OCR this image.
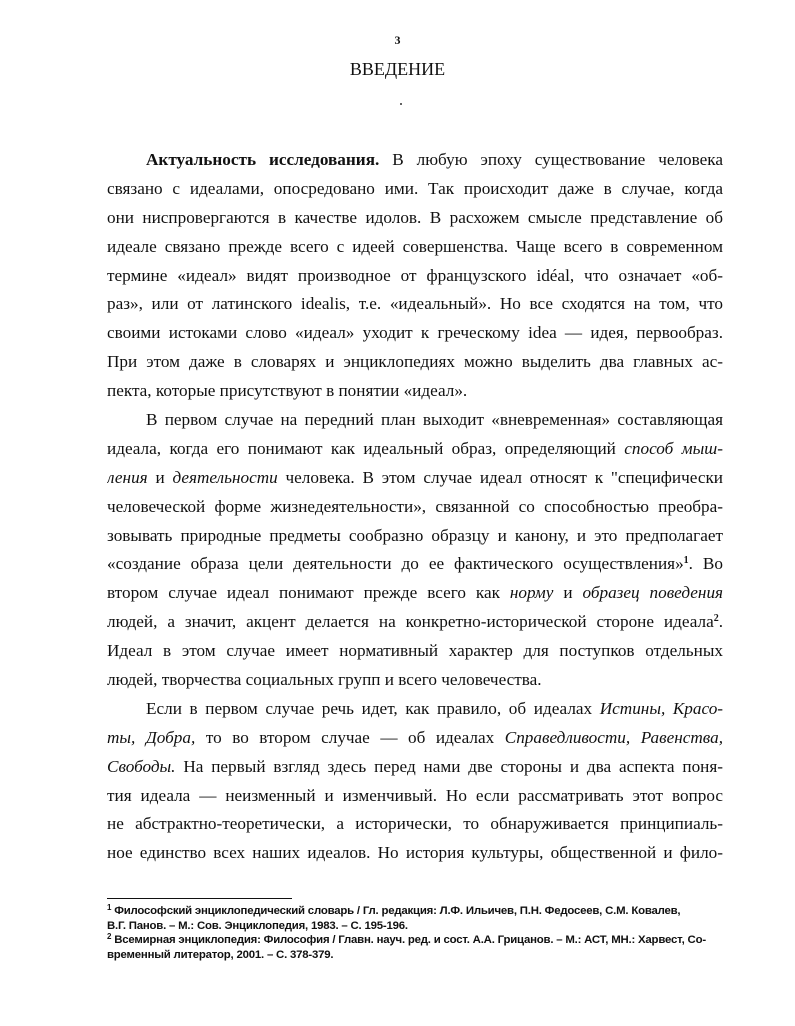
3
ВВЕДЕНИЕ
Актуальность исследования. В любую эпоху существование человека
связано с идеалами, опосредовано ими. Так происходит даже в случае, когда
они ниспровергаются в качестве идолов. В расхожем смысле представление об
идеале связано прежде всего с идеей совершенства. Чаще всего в современном
термине «идеал» видят производное от французского idéal, что означает «об-
раз», или от латинского idealis, т.е. «идеальный». Но все сходятся на том, что
своими истоками слово «идеал» уходит к греческому idea — идея, первообраз.
При этом даже в словарях и энциклопедиях можно выделить два главных ас-
пекта, которые присутствуют в понятии «идеал».
В первом случае на передний план выходит «вневременная» составляющая
идеала, когда его понимают как идеальный образ, определяющий способ мыш-
ления и деятельности человека. В этом случае идеал относят к "специфически
человеческой форме жизнедеятельности», связанной со способностью преобра-
зовывать природные предметы сообразно образцу и канону, и это предполагает
«создание образа цели деятельности до ее фактического осуществления»$^1$. Во
втором случае идеал понимают прежде всего как норму и образец поведения
людей, а значит, акцент делается на конкретно-исторической стороне идеала$^2$.
Идеал в этом случае имеет нормативный характер для поступков отдельных
людей, творчества социальных групп и всего человечества.
Если в первом случае речь идет, как правило, об идеалах Истины, Красо-
ты, Добра, то во втором случае — об идеалах Справедливости, Равенства,
Свободы. На первый взгляд здесь перед нами две стороны и два аспекта поня-
тия идеала — неизменный и изменчивый. Но если рассматривать этот вопрос
не абстрактно-теоретически, а исторически, то обнаруживается принципиаль-
ное единство всех наших идеалов. Но история культуры, общественной и фило-
$^1$ Философский энциклопедический словарь / Гл. редакция: Л.Ф. Ильичев, П.Н. Федосеев, С.М. Ковалев,
В.Г. Панов. – М.: Сов. Энциклопедия, 1983. – С. 195-196.
$^2$ Всемирная энциклопедия: Философия / Главн. науч. ред. и сост. А.А. Грицанов. – М.: АСТ, МН.: Харвест, Со-
временный литератор, 2001. – С. 378-379.
